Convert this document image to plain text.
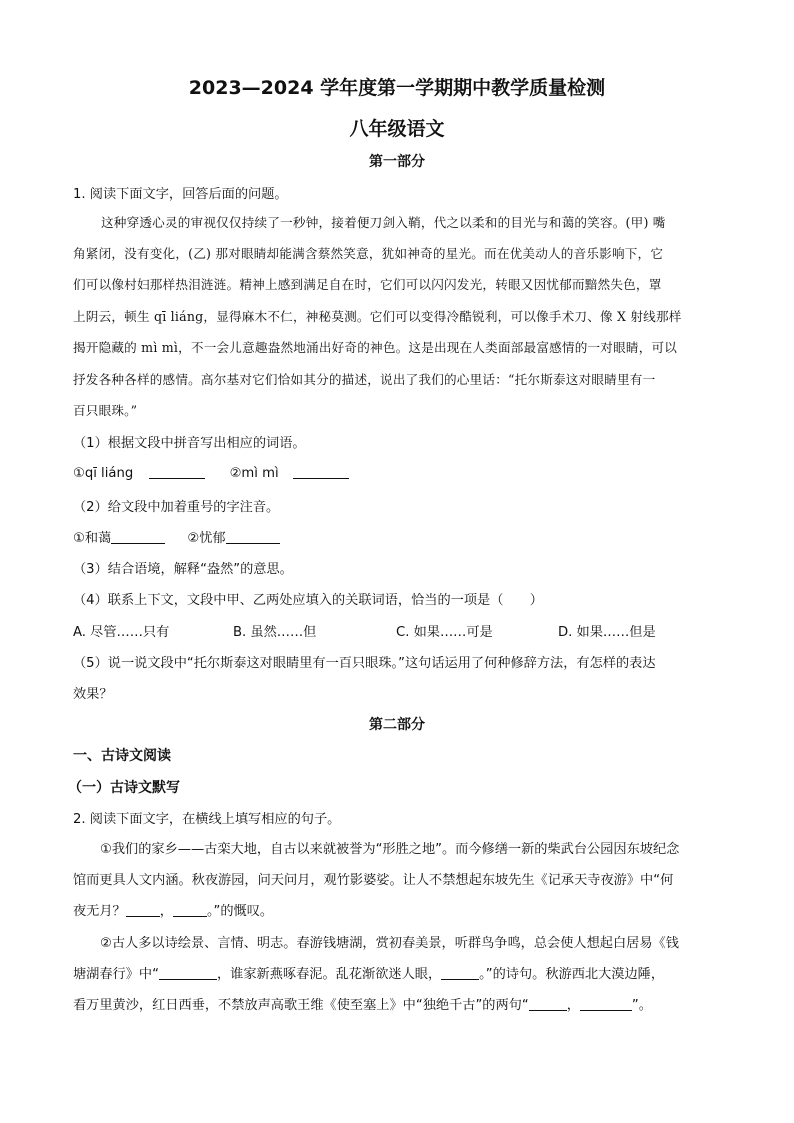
2023—2024 学年度第一学期期中教学质量检测
八年级语文
第一部分
1. 阅读下面文字，回答后面的问题。
这种穿透心灵的审视仅仅持续了一秒钟，接着便刀剑入鞘，代之以柔和的目光与和蔼的笑容。(甲) 嘴
角紧闭，没有变化，(乙) 那对眼睛却能满含蔡然笑意，犹如神奇的星光。而在优美动人的音乐影响下，它
们可以像村妇那样热泪涟涟。精神上感到满足自在时，它们可以闪闪发光，转眼又因忧郁而黯然失色，罩
上阴云，顿生 qī liáng，显得麻木不仁，神秘莫测。它们可以变得冷酷锐利，可以像手术刀、像 X 射线那样
揭开隐藏的 mì mì，不一会儿意趣盎然地涌出好奇的神色。这是出现在人类面部最富感情的一对眼睛，可以
抒发各种各样的感情。高尔基对它们恰如其分的描述，说出了我们的心里话：“托尔斯泰这对眼睛里有一
百只眼珠。”
（1）根据文段中拼音写出相应的词语。
①qī liáng	②mì mì
（2）给文段中加着重号的字注音。
①和蔼	②忧郁
（3）结合语境，解释“盎然”的意思。
（4）联系上下文，文段中甲、乙两处应填入的关联词语，恰当的一项是（　　）
A. 尽管……只有	B. 虽然……但	C. 如果……可是	D. 如果……但是
（5）说一说文段中“托尔斯泰这对眼睛里有一百只眼珠。”这句话运用了何种修辞方法，有怎样的表达
效果？
第二部分
一、古诗文阅读
（一）古诗文默写
2. 阅读下面文字，在横线上填写相应的句子。
①我们的家乡——古栾大地，自古以来就被誉为“形胜之地”。而今修缮一新的柴武台公园因东坡纪念
馆而更具人文内涵。秋夜游园，问天问月，观竹影婆娑。让人不禁想起东坡先生《记承天寺夜游》中“何
夜无月？	，	。”的慨叹。
②古人多以诗绘景、言情、明志。春游钱塘湖，赏初春美景，听群鸟争鸣，总会使人想起白居易《钱
塘湖春行》中“	，谁家新燕啄春泥。乱花渐欲迷人眼，	。”的诗句。秋游西北大漠边陲，
看万里黄沙，红日西垂，不禁放声高歌王维《使至塞上》中“独绝千古”的两句“	，	”。
